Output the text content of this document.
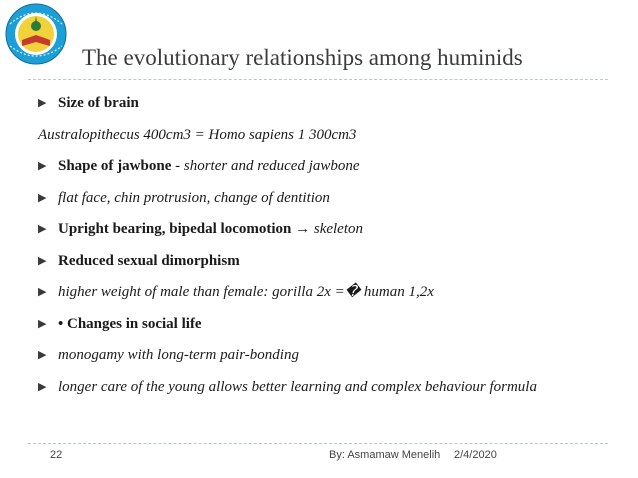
The evolutionary relationships among huminids
▶ Size of brain
Australopithecus 400cm3 = Homo sapiens 1 300cm3
▶ Shape of jawbone - shorter and reduced jawbone
▶ flat face, chin protrusion, change of dentition
▶ Upright bearing, bipedal locomotion → skeleton
▶ Reduced sexual dimorphism
▶ higher weight of male than female: gorilla 2x =� human 1,2x
▶ • Changes in social life
▶ monogamy with long-term pair-bonding
▶ longer care of the young allows better learning and complex behaviour formula
22	By: Asmamaw Menelih 2/4/2020
